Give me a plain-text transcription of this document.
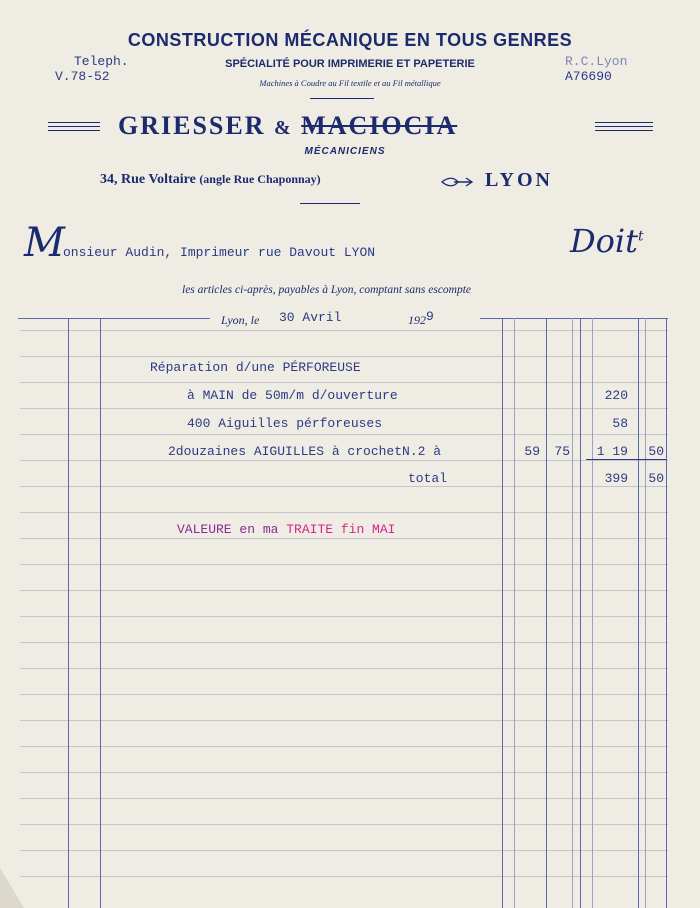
CONSTRUCTION MÉCANIQUE EN TOUS GENRES
Teleph.
V.78-52
SPÉCIALITÉ POUR IMPRIMERIE ET PAPETERIE
Machines à Coudre au Fil textile et au Fil métallique
R.C.Lyon
A76690
GRIESSER & MACIOCIA
MÉCANICIENS
34, Rue Voltaire (angle Rue Chaponnay)	LYON
M
onsieur Audin, Imprimeur rue Davout LYON	Doit$^t$
les articles ci-après, payables à Lyon, comptant sans escompte
Lyon, le 30 Avril	1929
Réparation d/une PÉRFOREUSE
à MAIN de 50m/m d/ouverture	220
400 Aiguilles pérforeuses	58
2douzaines AIGUILLES à crochetN.2 à	59	75	1 19	50
total	399	50
VALEURE en ma TRAITE fin MAI
